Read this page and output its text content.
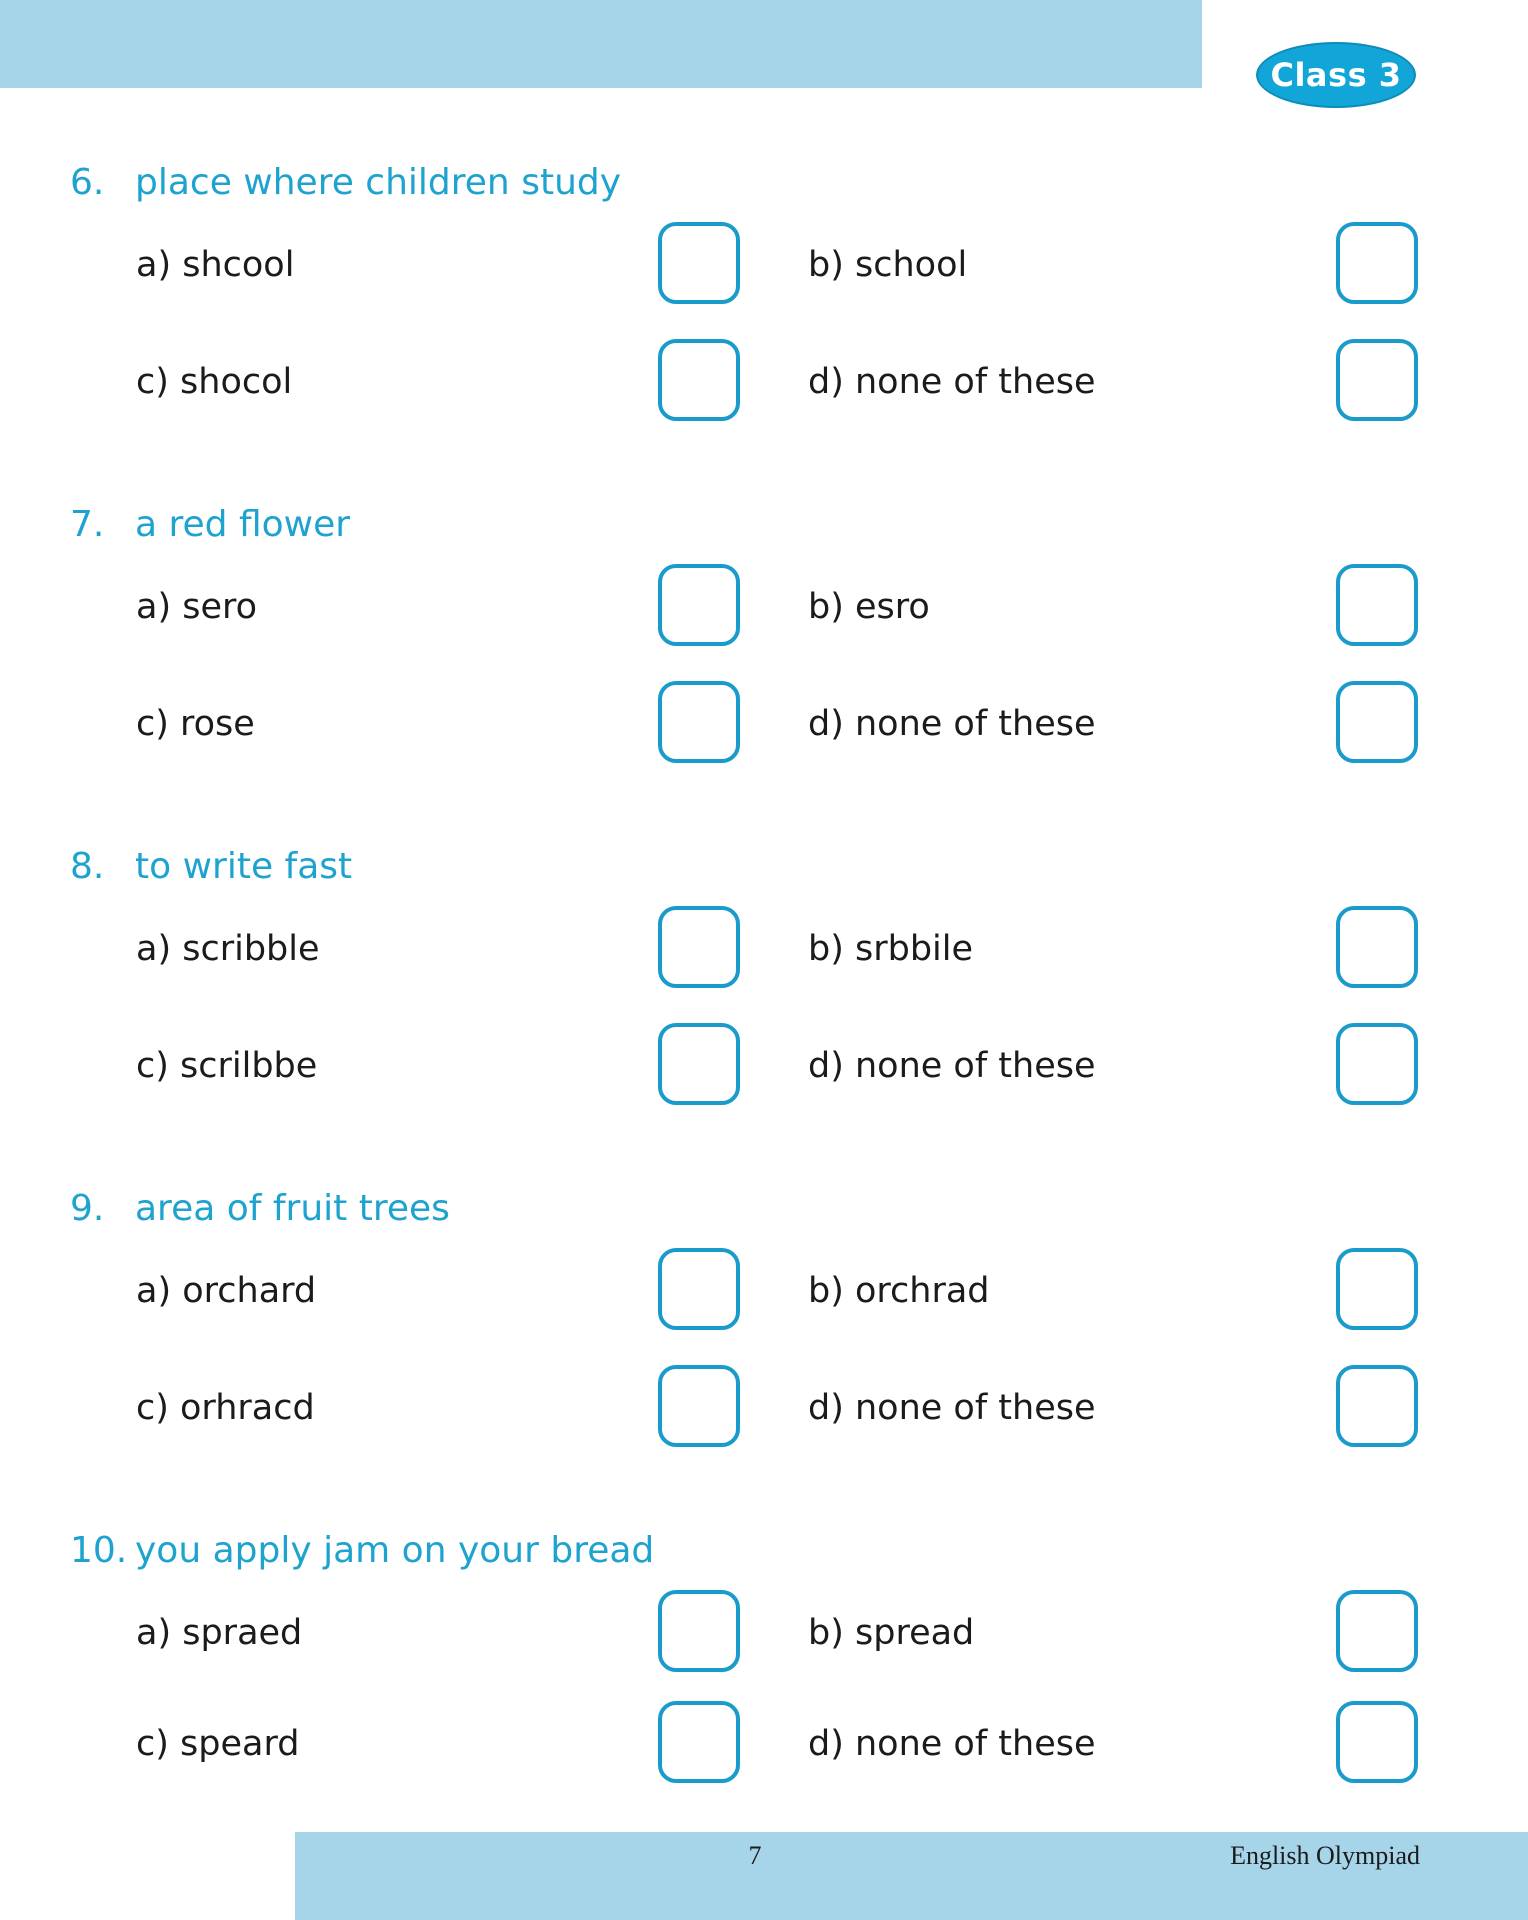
Class 3
6. place where children study
a) shcool	b) school
c) shocol	d) none of these
7. a red flower
a) sero	b) esro
c) rose	d) none of these
8. to write fast
a) scribble	b) srbbile
c) scrilbbe	d) none of these
9. area of fruit trees
a) orchard	b) orchrad
c) orhracd	d) none of these
10. you apply jam on your bread
a) spraed	b) spread
c) speard	d) none of these
7	English Olympiad
